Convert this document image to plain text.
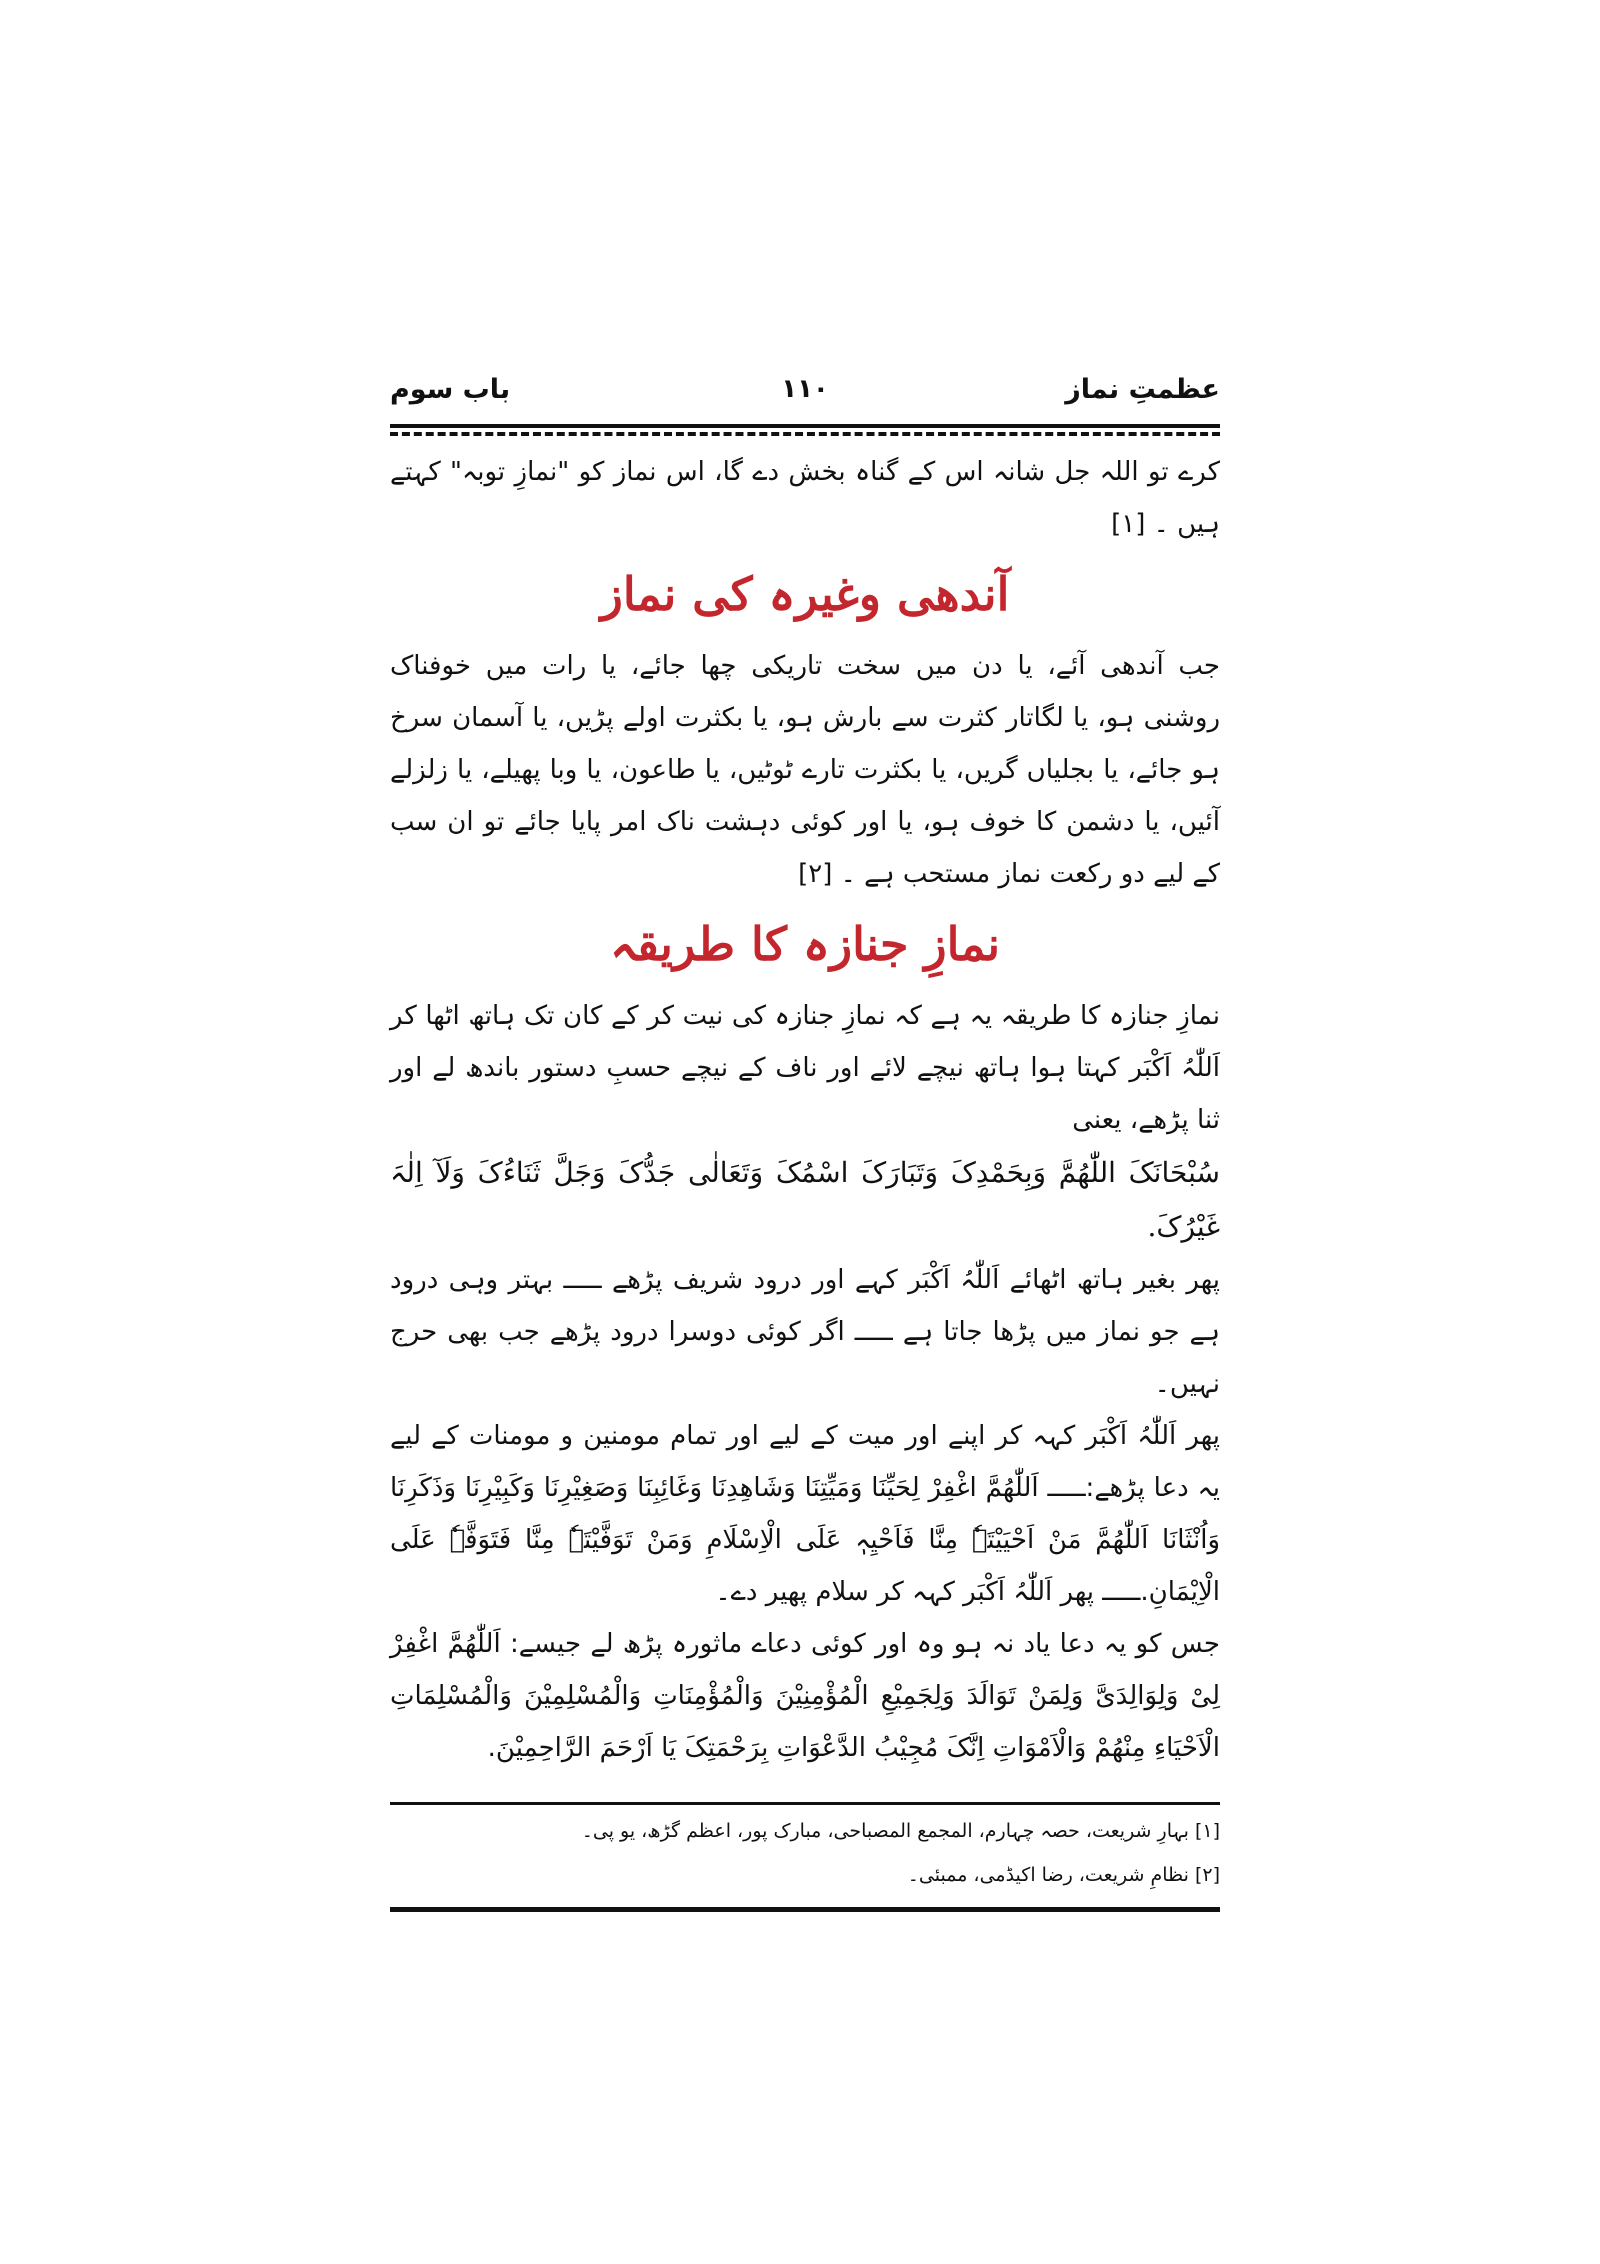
عظمتِ نماز
۱۱۰
باب سوم

کرے تو اللہ جل شانہ اس کے گناہ بخش دے گا، اس نماز کو "نمازِ توبہ" کہتے ہیں ۔ [۱]

آندھی وغیرہ کی نماز

جب آندھی آئے، یا دن میں سخت تاریکی چھا جائے، یا رات میں خوفناک روشنی ہو، یا لگاتار کثرت سے بارش ہو، یا بکثرت اولے پڑیں، یا آسمان سرخ ہو جائے، یا بجلیاں گریں، یا بکثرت تارے ٹوٹیں، یا طاعون، یا وبا پھیلے، یا زلزلے آئیں، یا دشمن کا خوف ہو، یا اور کوئی دہشت ناک امر پایا جائے تو ان سب کے لیے دو رکعت نماز مستحب ہے ۔ [۲]

نمازِ جنازہ کا طریقہ

نمازِ جنازہ کا طریقہ یہ ہے کہ نمازِ جنازہ کی نیت کر کے کان تک ہاتھ اٹھا کر اَللّٰہُ اَکْبَر کہتا ہوا ہاتھ نیچے لائے اور ناف کے نیچے حسبِ دستور باندھ لے اور ثنا پڑھے، یعنی

سُبْحَانَکَ اللّٰھُمَّ وَبِحَمْدِکَ وَتَبَارَکَ اسْمُکَ وَتَعَالٰی جَدُّکَ وَجَلَّ ثَنَاءُکَ وَلَآ اِلٰہَ غَیْرُکَ.

پھر بغیر ہاتھ اٹھائے اَللّٰہُ اَکْبَر کہے اور درود شریف پڑھے ـــــ بہتر وہی درود ہے جو نماز میں پڑھا جاتا ہے ـــــ اگر کوئی دوسرا درود پڑھے جب بھی حرج نہیں۔

پھر اَللّٰہُ اَکْبَر کہہ کر اپنے اور میت کے لیے اور تمام مومنین و مومنات کے لیے یہ دعا پڑھے:ـــــ اَللّٰھُمَّ اغْفِرْ لِحَیِّنَا وَمَیِّتِنَا وَشَاھِدِنَا وَغَائِبِنَا وَصَغِیْرِنَا وَکَبِیْرِنَا وَذَکَرِنَا وَاُنْثَانَا اَللّٰھُمَّ مَنْ اَحْیَیْتَہٗ مِنَّا فَاَحْیِہٖ عَلَی الْاِسْلَامِ وَمَنْ تَوَفَّیْتَہٗ مِنَّا فَتَوَفَّہٗ عَلَی الْاِیْمَانِ.ـــــ پھر اَللّٰہُ اَکْبَر کہہ کر سلام پھیر دے۔

جس کو یہ دعا یاد نہ ہو وہ اور کوئی دعاے ماثورہ پڑھ لے جیسے: اَللّٰھُمَّ اغْفِرْ لِیْ وَلِوَالِدَیَّ وَلِمَنْ تَوَالَدَ وَلِجَمِیْعِ الْمُؤْمِنِیْنَ وَالْمُؤْمِنَاتِ وَالْمُسْلِمِیْنَ وَالْمُسْلِمَاتِ الْاَحْیَاءِ مِنْھُمْ وَالْاَمْوَاتِ اِنَّکَ مُجِیْبُ الدَّعْوَاتِ بِرَحْمَتِکَ یَا اَرْحَمَ الرَّاحِمِیْنَ.

[۱] بہارِ شریعت، حصہ چہارم، المجمع المصباحی، مبارک پور، اعظم گڑھ، یو پی۔
[۲] نظامِ شریعت، رضا اکیڈمی، ممبئی۔
